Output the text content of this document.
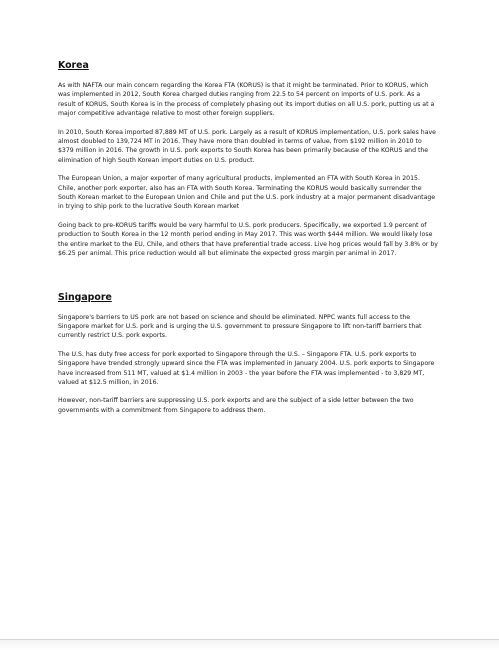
Korea

As with NAFTA our main concern regarding the Korea FTA (KORUS) is that it might be terminated. Prior to KORUS, which was implemented in 2012, South Korea charged duties ranging from 22.5 to 54 percent on imports of U.S. pork. As a result of KORUS, South Korea is in the process of completely phasing out its import duties on all U.S. pork, putting us at a major competitive advantage relative to most other foreign suppliers.

In 2010, South Korea imported 87,889 MT of U.S. pork. Largely as a result of KORUS implementation, U.S. pork sales have almost doubled to 139,724 MT in 2016. They have more than doubled in terms of value, from $192 million in 2010 to $379 million in 2016. The growth in U.S. pork exports to South Korea has been primarily because of the KORUS and the elimination of high South Korean import duties on U.S. product.

The European Union, a major exporter of many agricultural products, implemented an FTA with South Korea in 2015. Chile, another pork exporter, also has an FTA with South Korea. Terminating the KORUS would basically surrender the South Korean market to the European Union and Chile and put the U.S. pork industry at a major permanent disadvantage in trying to ship pork to the lucrative South Korean market

Going back to pre-KORUS tariffs would be very harmful to U.S. pork producers. Specifically, we exported 1.9 percent of production to South Korea in the 12 month period ending in May 2017. This was worth $444 million. We would likely lose the entire market to the EU, Chile, and others that have preferential trade access. Live hog prices would fall by 3.8% or by $6.25 per animal. This price reduction would all but eliminate the expected gross margin per animal in 2017.

Singapore

Singapore's barriers to US pork are not based on science and should be eliminated. NPPC wants full access to the Singapore market for U.S. pork and is urging the U.S. government to pressure Singapore to lift non-tariff barriers that currently restrict U.S. pork exports.

The U.S. has duty free access for pork exported to Singapore through the U.S. – Singapore FTA. U.S. pork exports to Singapore have trended strongly upward since the FTA was implemented in January 2004. U.S. pork exports to Singapore have increased from 511 MT, valued at $1.4 million in 2003 - the year before the FTA was implemented - to 3,829 MT, valued at $12.5 million, in 2016.

However, non-tariff barriers are suppressing U.S. pork exports and are the subject of a side letter between the two governments with a commitment from Singapore to address them.
